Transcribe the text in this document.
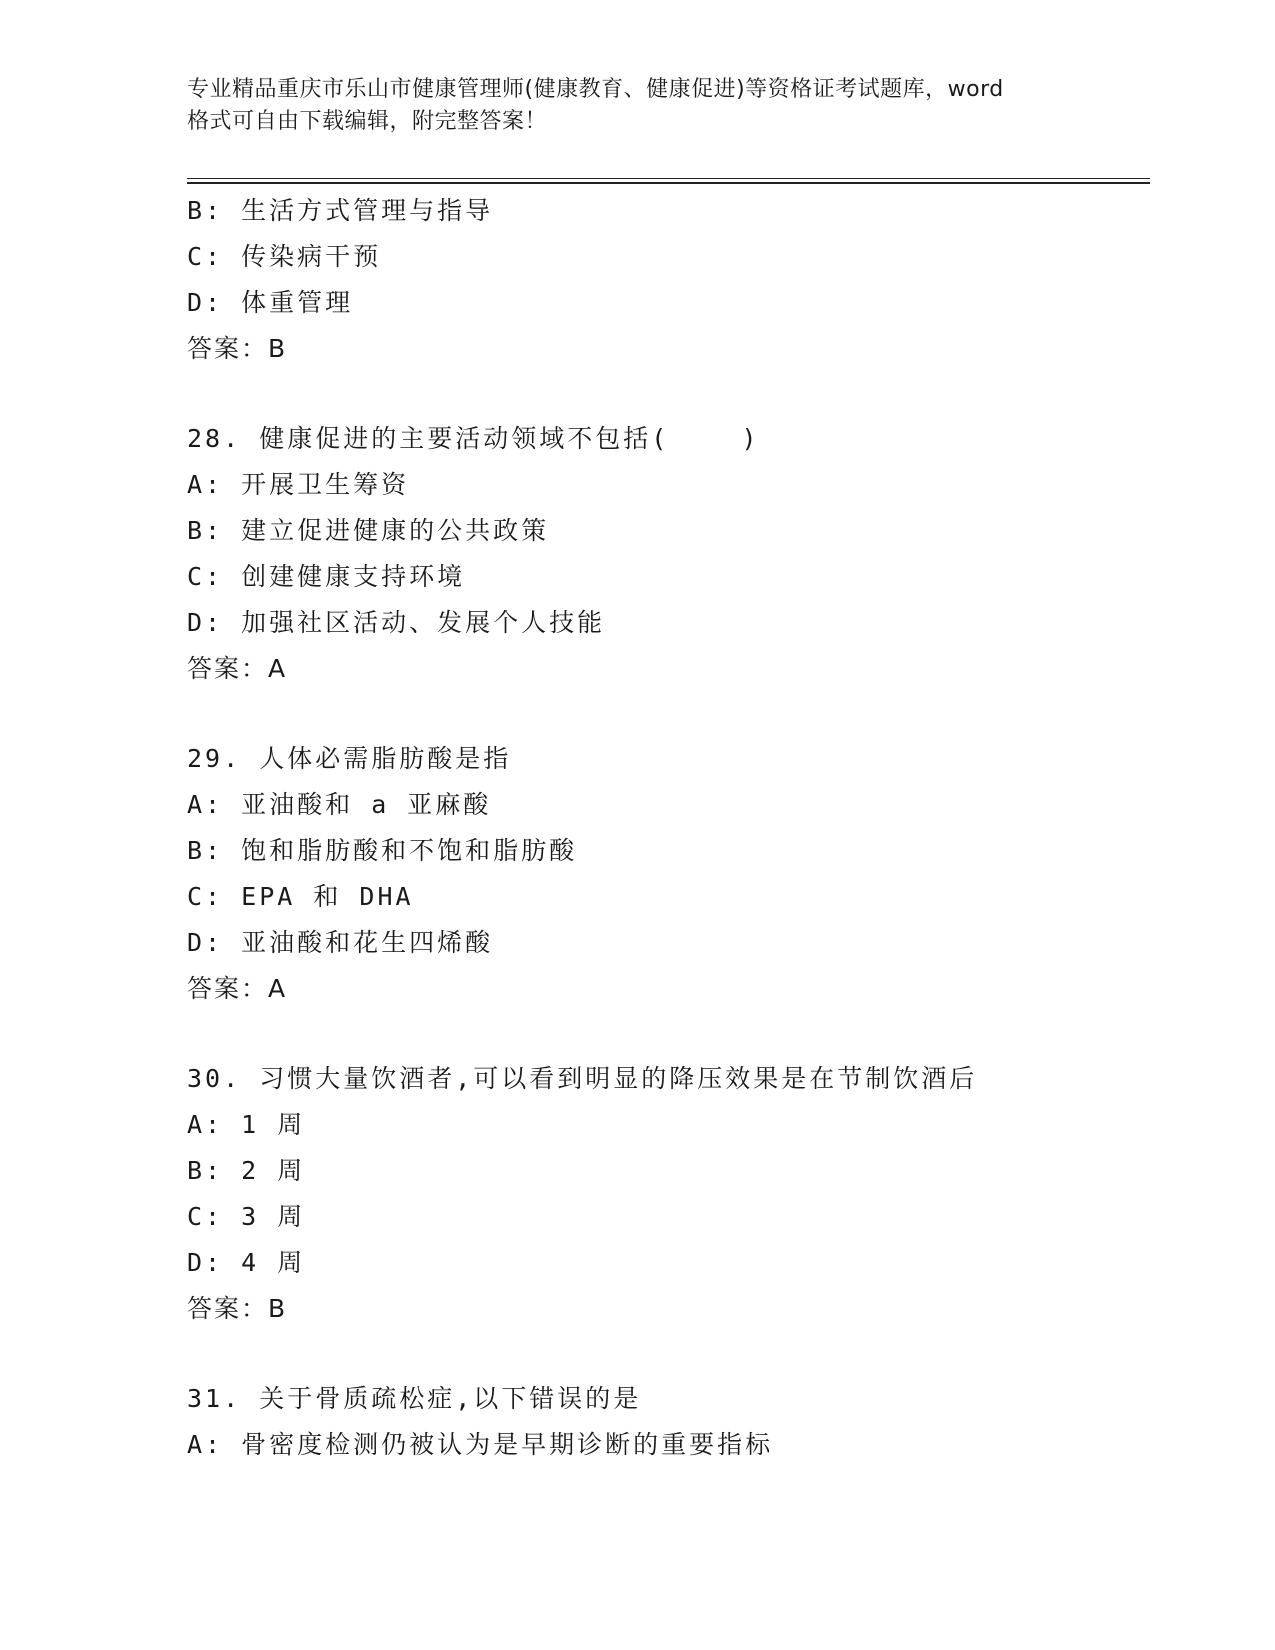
专业精品重庆市乐山市健康管理师(健康教育、健康促进)等资格证考试题库，word
格式可自由下载编辑，附完整答案！
B: 生活方式管理与指导
C: 传染病干预
D: 体重管理
答案：B
28. 健康促进的主要活动领域不包括(    )
A: 开展卫生筹资
B: 建立促进健康的公共政策
C: 创建健康支持环境
D: 加强社区活动、发展个人技能
答案：A
29. 人体必需脂肪酸是指
A: 亚油酸和 a 亚麻酸
B: 饱和脂肪酸和不饱和脂肪酸
C: EPA 和 DHA
D: 亚油酸和花生四烯酸
答案：A
30. 习惯大量饮酒者,可以看到明显的降压效果是在节制饮酒后
A: 1 周
B: 2 周
C: 3 周
D: 4 周
答案：B
31. 关于骨质疏松症,以下错误的是
A: 骨密度检测仍被认为是早期诊断的重要指标
